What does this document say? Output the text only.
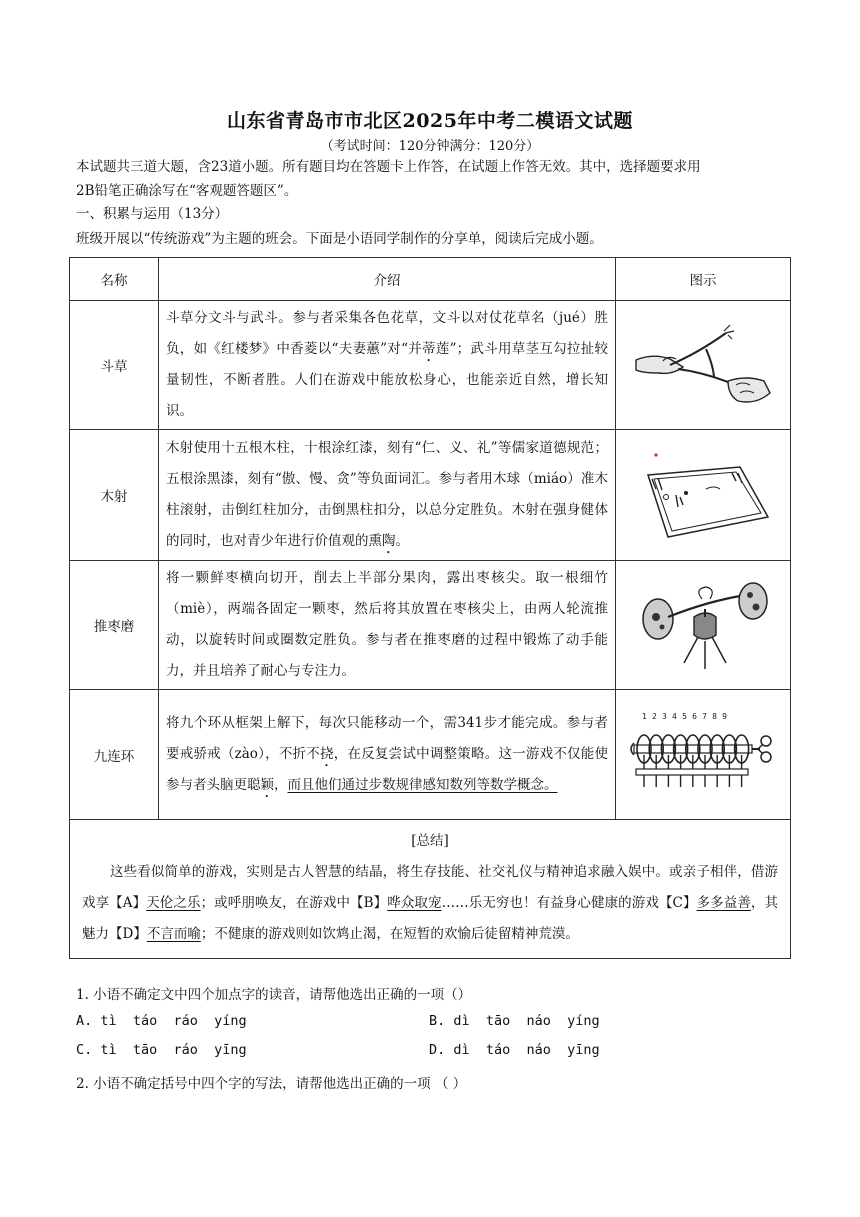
山东省青岛市市北区2025年中考二模语文试题
（考试时间：120分钟满分：120分）
本试题共三道大题，含23道小题。所有题目均在答题卡上作答，在试题上作答无效。其中，选择题要求用
2B铅笔正确涂写在“客观题答题区”。
一、积累与运用（13分）
班级开展以“传统游戏”为主题的班会。下面是小语同学制作的分享单，阅读后完成小题。
名称	介绍	图示
斗草	斗草分文斗与武斗。参与者采集各色花草，文斗以对仗花草名（jué）胜负，如《红楼梦》中香菱以“夫妻蕙”对“并蒂莲”；武斗用草茎互勾拉扯较量韧性，不断者胜。人们在游戏中能放松身心，也能亲近自然，增长知识。	

木射	木射使用十五根木柱，十根涂红漆，刻有“仁、义、礼”等儒家道德规范；五根涂黑漆，刻有“傲、慢、贪”等负面词汇。参与者用木球（miáo）准木柱滚射，击倒红柱加分，击倒黑柱扣分，以总分定胜负。木射在强身健体的同时，也对青少年进行价值观的熏陶。	

推枣磨	将一颗鲜枣横向切开，削去上半部分果肉，露出枣核尖。取一根细竹（miè），两端各固定一颗枣，然后将其放置在枣核尖上，由两人轮流推动，以旋转时间或圈数定胜负。参与者在推枣磨的过程中锻炼了动手能力，并且培养了耐心与专注力。	

九连环	将九个环从框架上解下，每次只能移动一个，需341步才能完成。参与者要戒骄戒（zào），不折不挠，在反复尝试中调整策略。这一游戏不仅能使参与者头脑更聪颖，而且他们通过步数规律感知数列等数学概念。	123456789

[总结]
这些看似简单的游戏，实则是古人智慧的结晶，将生存技能、社交礼仪与精神追求融入娱中。或亲子相伴，借游戏享【A】天伦之乐；或呼朋唤友，在游戏中【B】哗众取宠……乐无穷也！有益身心健康的游戏【C】多多益善，其魅力【D】不言而喻；不健康的游戏则如饮鸩止渴，在短暂的欢愉后徒留精神荒漠。		
1. 小语不确定文中四个加点字的读音，请帮他选出正确的一项（）
A. tì  táo  ráo  yíng	B. dì  tāo  náo  yíng
C. tì  tāo  ráo  yīng	D. dì  táo  náo  yīng
2. 小语不确定括号中四个字的写法，请帮他选出正确的一项 （ ）
